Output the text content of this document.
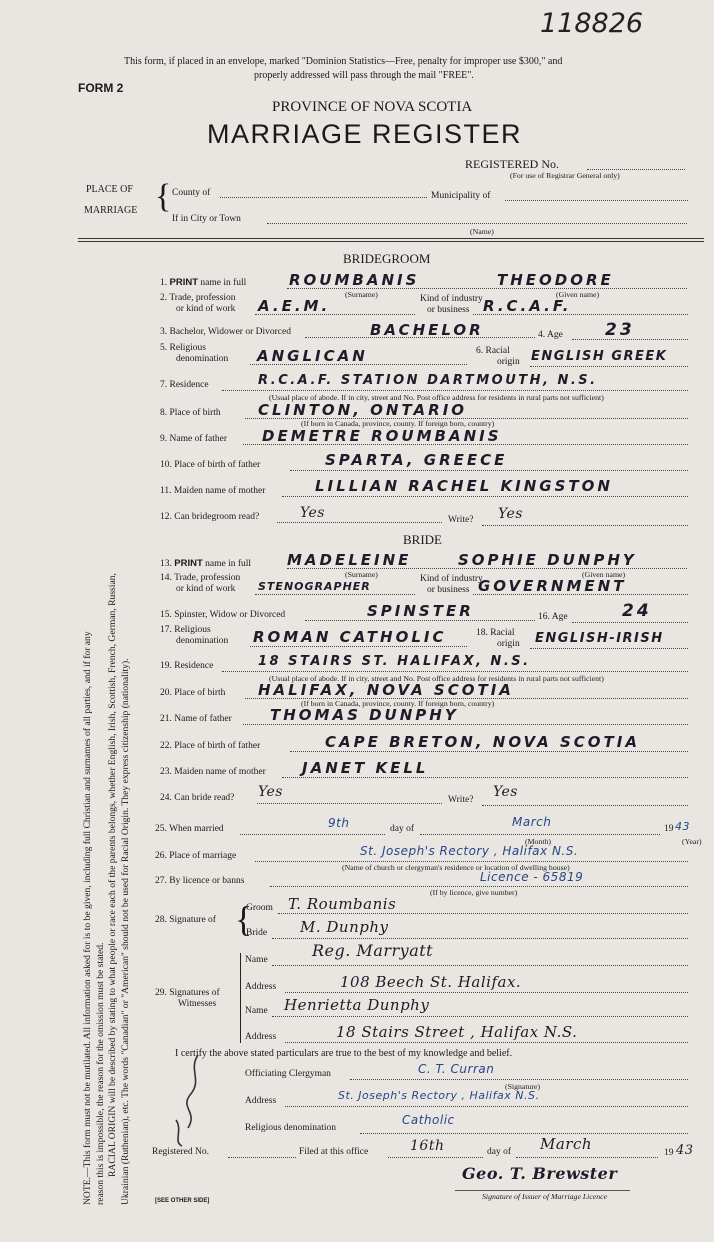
118826
This form, if placed in an envelope, marked "Dominion Statistics—Free, penalty for improper use $300," and
properly addressed will pass through the mail "FREE".
FORM 2
PROVINCE OF NOVA SCOTIA
MARRIAGE REGISTER
REGISTERED No.
(For use of Registrar General only)
PLACE OF
MARRIAGE { County of	Municipality of
If in City or Town
(Name)
BRIDEGROOM
1. PRINT name in full	ROUMBANIS	THEODORE
(Surname)	(Given name)
2. Trade, profession
or kind of work A.E.M.	Kind of industry
or business R.C.A.F.
3. Bachelor, Widower or Divorced	BACHELOR	4. Age 23
5. Religious
denomination ANGLICAN	6. Racial
origin ENGLISH GREEK
7. Residence	R.C.A.F. STATION DARTMOUTH, N.S.
(Usual place of abode. If in city, street and No. Post office address for residents in rural parts not sufficient)
8. Place of birth CLINTON, ONTARIO
(If born in Canada, province, county. If foreign born, country)
9. Name of father DEMETRE ROUMBANIS
10. Place of birth of father	SPARTA, GREECE
11. Maiden name of mother	LILLIAN RACHEL KINGSTON
12. Can bridegroom read?	Yes	Write? Yes
BRIDE
13. PRINT name in full MADELEINE	SOPHIE DUNPHY
(Surname)	(Given name)
14. Trade, profession
or kind of work STENOGRAPHER
Kind of industry
or business GOVERNMENT
15. Spinster, Widow or Divorced	SPINSTER	16. Age	24
17. Religious
denomination ROMAN CATHOLIC	18. Racial
origin ENGLISH-IRISH
19. Residence	18 STAIRS ST. HALIFAX, N.S.
(Usual place of abode. If in city, street and No. Post office address for residents in rural parts not sufficient)
20. Place of birth HALIFAX, NOVA SCOTIA
(If born in Canada, province, county. If foreign born, country)
21. Name of father	THOMAS DUNPHY
22. Place of birth of father	CAPE BRETON, NOVA SCOTIA
23. Maiden name of mother JANET KELL
24. Can bride read? Yes	Write? Yes
25. When married	9th	day of	March
(Month)
19 43
(Year)
26. Place of marriage	St. Joseph's Rectory , Halifax N.S.
(Name of church or clergyman's residence or location of dwelling house)
27. By licence or banns	Licence - 65819
(If by licence, give number)
28. Signature of {
Groom T. Roumbanis
Bride M. Dunphy
29. Signatures of
Witnesses
Name	Reg. Marryatt
Address	108 Beech St. Halifax.
Name Henrietta Dunphy
Address	18 Stairs Street , Halifax N.S.
I certify the above stated particulars are true to the best of my knowledge and belief.
Officiating Clergyman	C. T. Curran
(Signature)
Address	St. Joseph's Rectory , Halifax N.S.
Religious denomination
Catholic
Registered No.	Filed at this office	16th	day of March	19 43
Geo. T. Brewster
Signature of Issuer of Marriage Licence
[SEE OTHER SIDE]
NOTE.—This form must not be mutilated. All information asked for is to be given, including full Christian and surnames of all parties, and if for any reason this is impossible, the reason for the omission must be stated. RACIAL ORIGIN will be described by stating to what people or race each of the parents belongs, whether English, Irish, Scottish, French, German, Russian, Ukrainian (Ruthenian), etc. The words "Canadian" or "American" should not be used for Racial Origin. They express citizenship (nationality).
